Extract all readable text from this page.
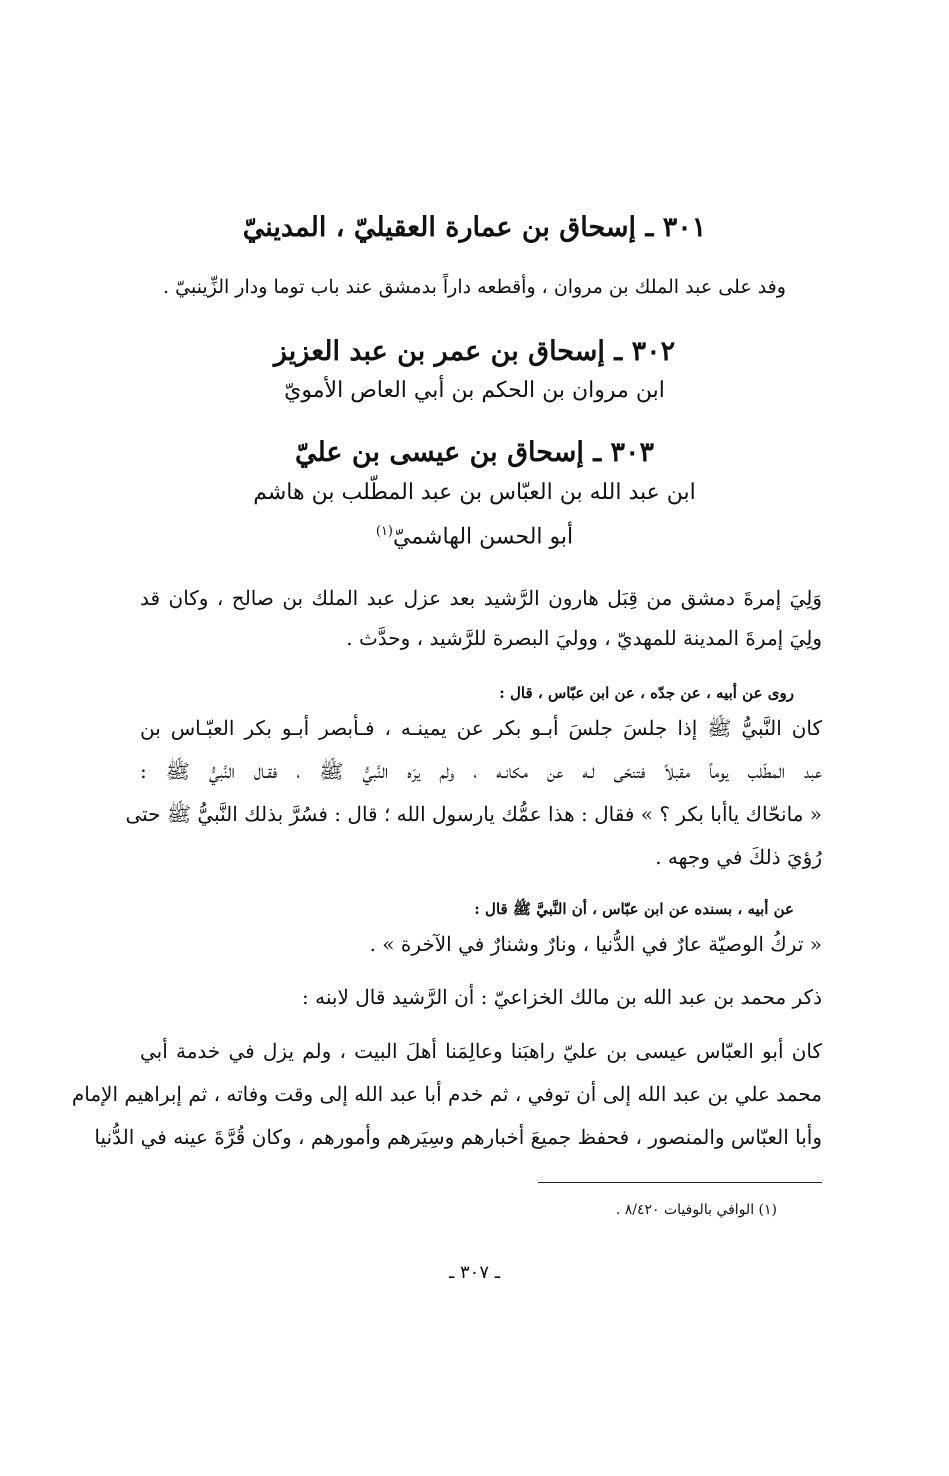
٣٠١ ـ إسحاق بن عمارة العقيليّ ، المدينيّ
وفد على عبد الملك بن مروان ، وأقطعه داراً بدمشق عند باب توما ودار الزِّينبيّ .
٣٠٢ ـ إسحاق بن عمر بن عبد العزيز
ابن مروان بن الحكم بن أبي العاص الأمويّ
٣٠٣ ـ إسحاق بن عيسى بن عليّ
ابن عبد الله بن العبّاس بن عبد المطّلب بن هاشم
أبو الحسن الهاشميّ$^{(١)}$
وَلِيَ إمرةَ دمشق من قِبَل هارون الرَّشيد بعد عزل عبد الملك بن صالح ، وكان قد
ولِيَ إمرةَ المدينة للمهديّ ، ووليَ البصرة للرَّشيد ، وحدَّث .
روى عن أبيه ، عن جدّه ، عن ابن عبّاس ، قال :
كان النَّبيُّ ﷺ إذا جلسَ جلسَ أبـو بكر عن يمينـه ، فـأبصر أبـو بكر العبّـاس بن
عبد المطّلب يوماً مقبلاً فتنحّى لـه عن مكانـه ، ولم يرَه النَّبيُّ ﷺ ، فقـال النَّبيُّ ﷺ :
« مانحّاك ياأبا بكر ؟ » فقال : هذا عمُّك يارسول الله ؛ قال : فسُرَّ بذلك النَّبيُّ ﷺ حتى
رُؤيَ ذلكَ في وجهه .
عن أبيه ، بسنده عن ابن عبّاس ، أن النَّبيَّ ﷺ قال :
« تركُ الوصيّة عارٌ في الدُّنيا ، ونارٌ وشنارٌ في الآخرة » .
ذكر محمد بن عبد الله بن مالك الخزاعيّ : أن الرَّشيد قال لابنه :
كان أبو العبّاس عيسى بن عليّ راهبَنا وعالِمَنا أهلَ البيت ، ولم يزل في خدمة أبي
محمد علي بن عبد الله إلى أن توفي ، ثم خدم أبا عبد الله إلى وقت وفاته ، ثم إبراهيم الإمام
وأبا العبّاس والمنصور ، فحفظ جميعَ أخبارهم وسِيَرهم وأمورهم ، وكان قُرَّةَ عينه في الدُّنيا
(١) الوافي بالوفيات ٨/٤٢٠ .
ـ ٣٠٧ ـ
